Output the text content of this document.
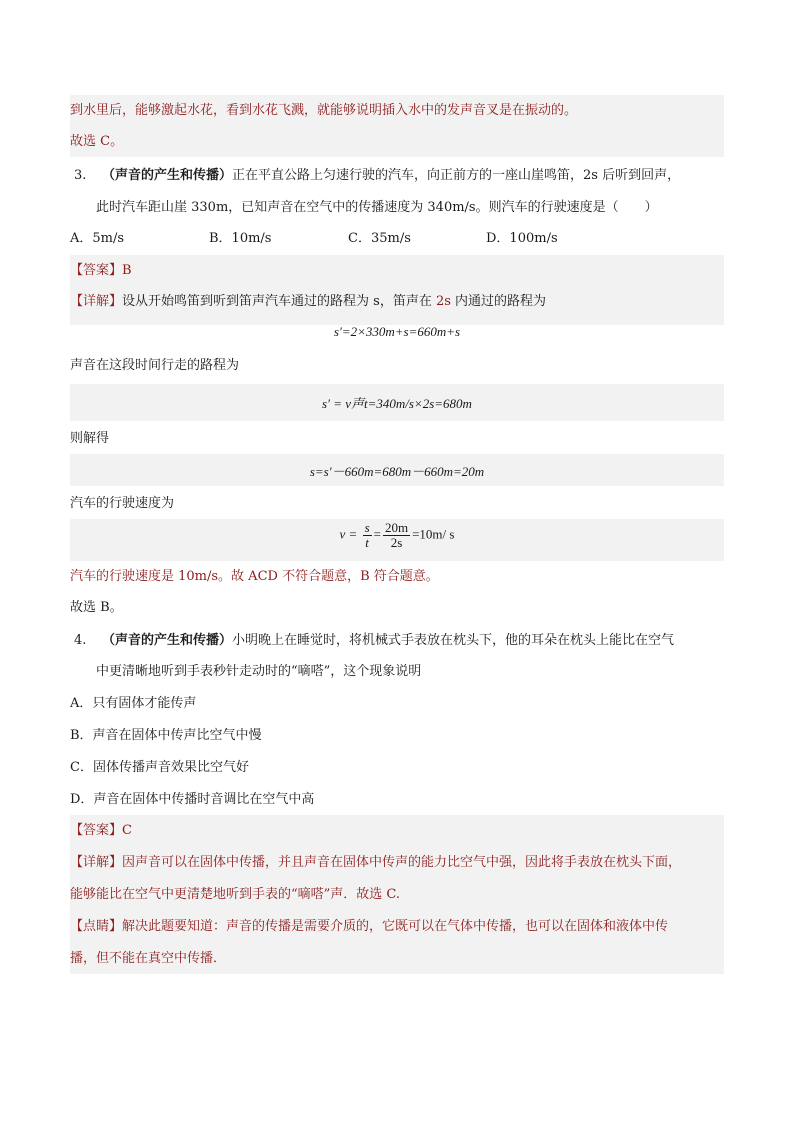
到水里后，能够激起水花，看到水花飞溅，就能够说明插入水中的发声音叉是在振动的。
故选 C。
3. （声音的产生和传播）正在平直公路上匀速行驶的汽车，向正前方的一座山崖鸣笛，2s 后听到回声，
此时汽车距山崖 330m，已知声音在空气中的传播速度为 340m/s。则汽车的行驶速度是（　　）
A．5m/s	B．10m/s	C．35m/s	D．100m/s
【答案】B
【详解】设从开始鸣笛到听到笛声汽车通过的路程为 s，笛声在 2s 内通过的路程为
s′=2×330m+s=660m+s
声音在这段时间行走的路程为
s′ = v声t=340m/s×2s=680m
则解得
s=s′－660m=680m－660m=20m
汽车的行驶速度为
$v = \frac{s}{t} = \frac{20m}{2s} =10m/$ s
汽车的行驶速度是 10m/s。故 ACD 不符合题意，B 符合题意。
故选 B。
4. （声音的产生和传播）小明晚上在睡觉时，将机械式手表放在枕头下，他的耳朵在枕头上能比在空气
中更清晰地听到手表秒针走动时的“嘀嗒”，这个现象说明
A．只有固体才能传声
B．声音在固体中传声比空气中慢
C．固体传播声音效果比空气好
D．声音在固体中传播时音调比在空气中高
【答案】C
【详解】因声音可以在固体中传播，并且声音在固体中传声的能力比空气中强，因此将手表放在枕头下面，
能够能比在空气中更清楚地听到手表的“嘀嗒”声．故选 C.
【点睛】解决此题要知道：声音的传播是需要介质的，它既可以在气体中传播，也可以在固体和液体中传
播，但不能在真空中传播．
